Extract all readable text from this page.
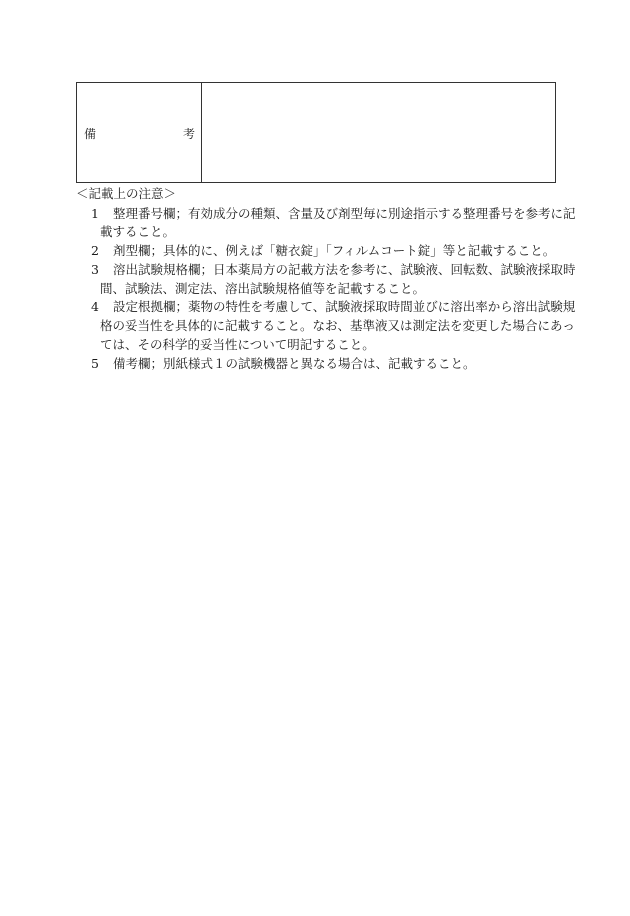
備	考
＜記載上の注意＞
1	整理番号欄；有効成分の種類、含量及び剤型毎に別途指示する整理番号を参考に記
載すること。
2	剤型欄；具体的に、例えば「糖衣錠」「フィルムコート錠」等と記載すること。
3	溶出試験規格欄；日本薬局方の記載方法を参考に、試験液、回転数、試験液採取時
間、試験法、測定法、溶出試験規格値等を記載すること。
4	設定根拠欄；薬物の特性を考慮して、試験液採取時間並びに溶出率から溶出試験規
格の妥当性を具体的に記載すること。なお、基準液又は測定法を変更した場合にあっ
ては、その科学的妥当性について明記すること。
5	備考欄；別紙様式１の試験機器と異なる場合は、記載すること。
